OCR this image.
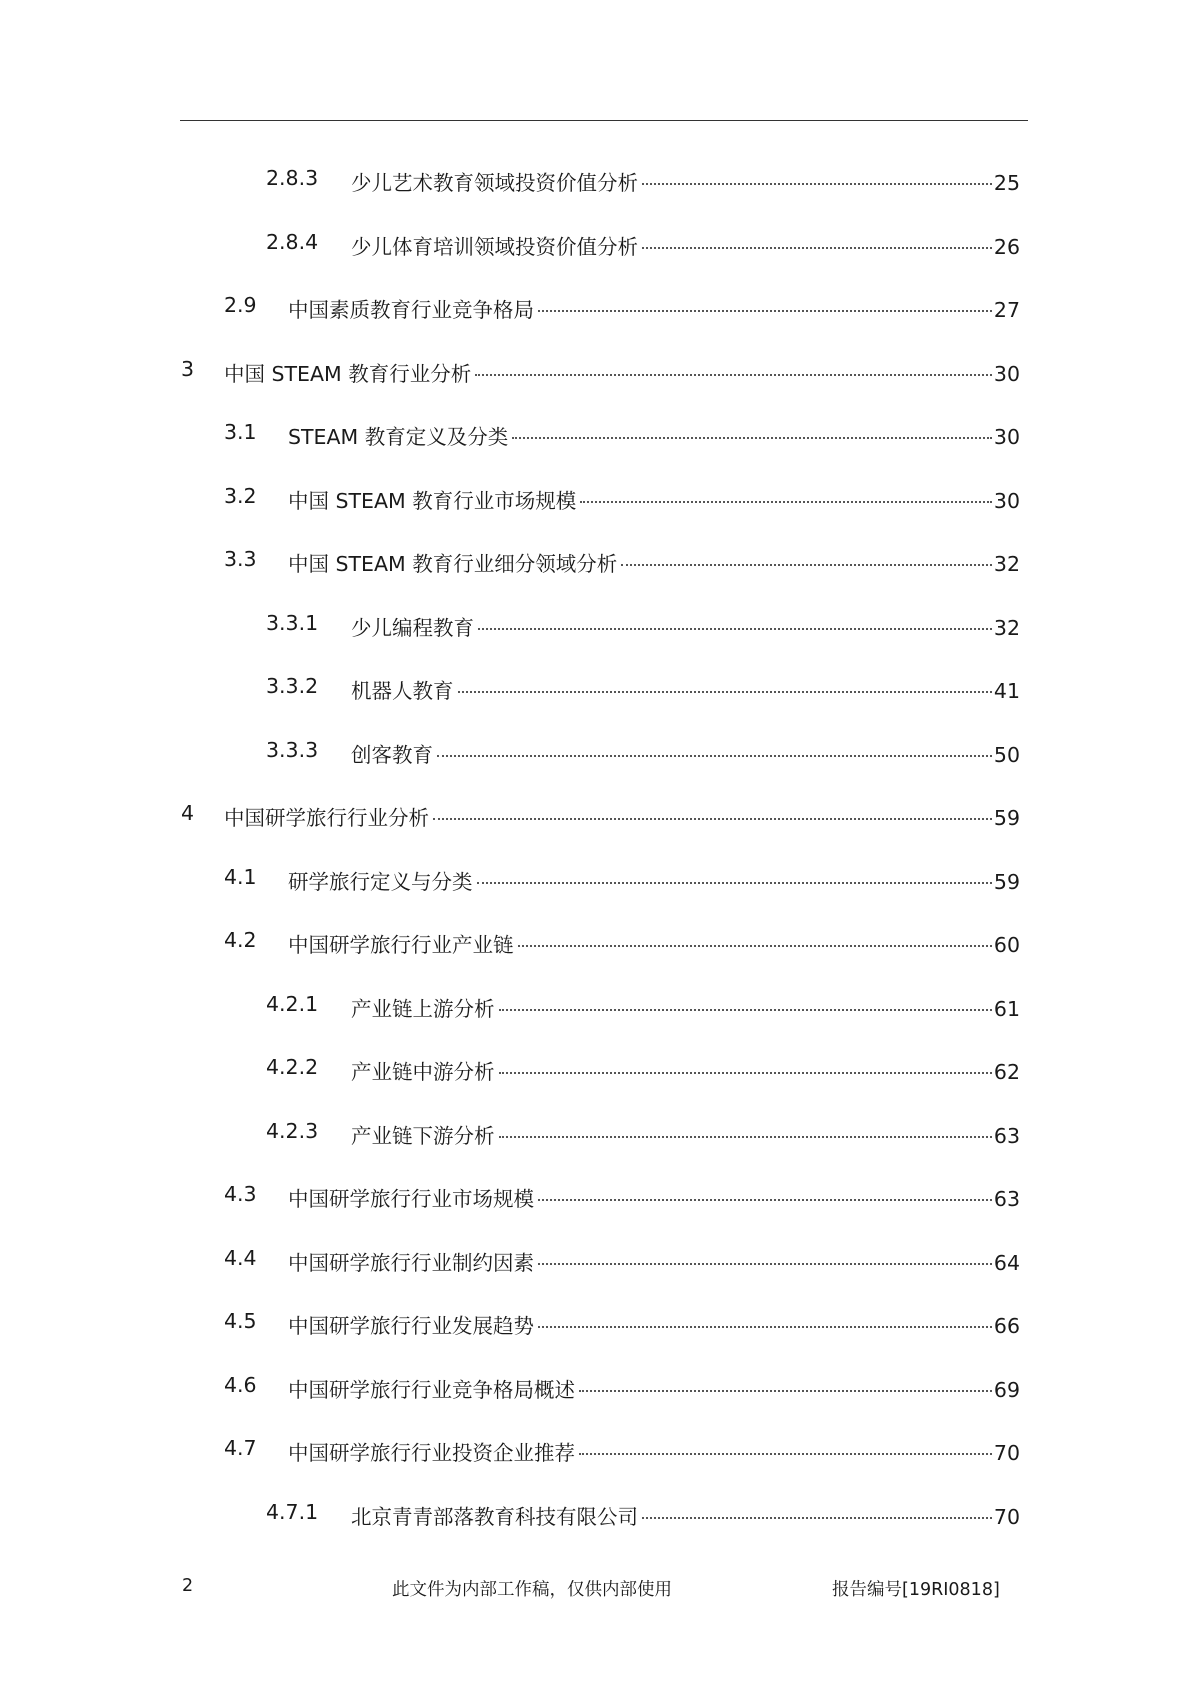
2.8.3 少儿艺术教育领域投资价值分析	25
2.8.4 少儿体育培训领域投资价值分析	26
2.9 中国素质教育行业竞争格局	27
3 中国 STEAM 教育行业分析	30
3.1 STEAM 教育定义及分类	30
3.2 中国 STEAM 教育行业市场规模	30
3.3 中国 STEAM 教育行业细分领域分析	32
3.3.1 少儿编程教育	32
3.3.2 机器人教育	41
3.3.3 创客教育	50
4 中国研学旅行行业分析	59
4.1 研学旅行定义与分类	59
4.2 中国研学旅行行业产业链	60
4.2.1 产业链上游分析	61
4.2.2 产业链中游分析	62
4.2.3 产业链下游分析	63
4.3 中国研学旅行行业市场规模	63
4.4 中国研学旅行行业制约因素	64
4.5 中国研学旅行行业发展趋势	66
4.6 中国研学旅行行业竞争格局概述	69
4.7 中国研学旅行行业投资企业推荐	70
4.7.1 北京青青部落教育科技有限公司	70
2	此文件为内部工作稿，仅供内部使用	报告编号[19RI0818]
